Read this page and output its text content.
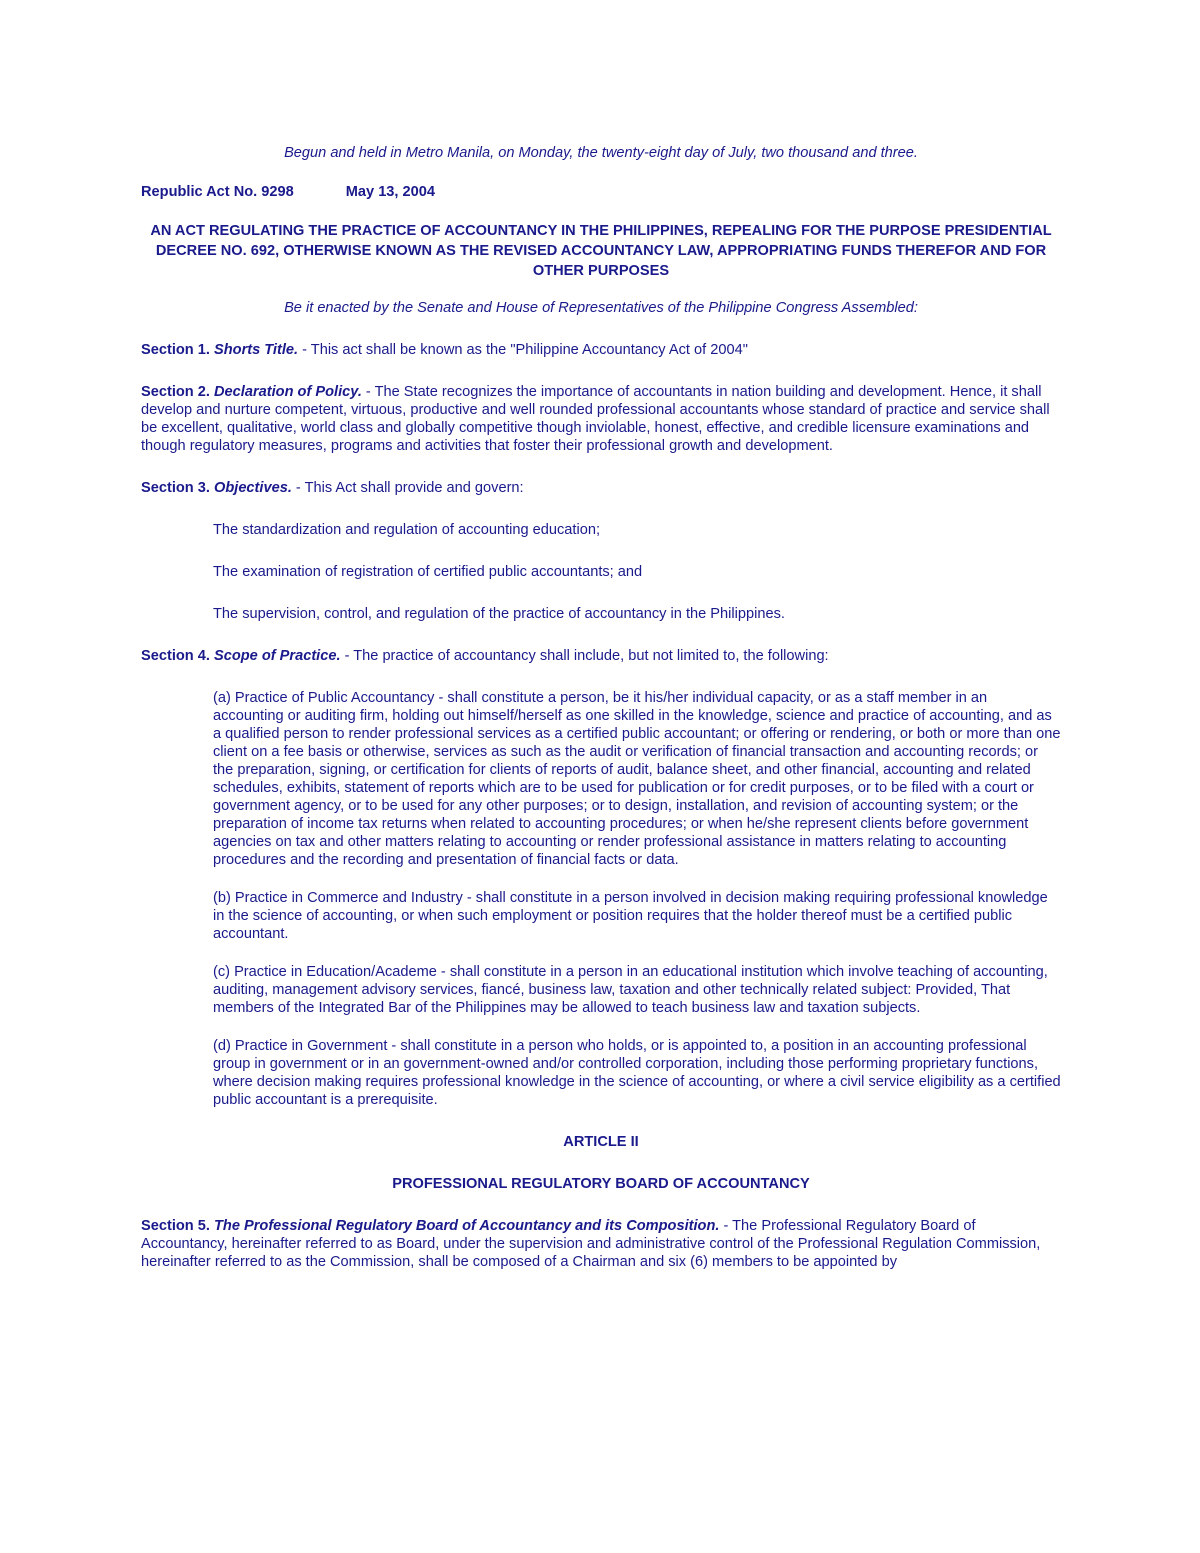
Begun and held in Metro Manila, on Monday, the twenty-eight day of July, two thousand and three.

Republic Act No. 9298	May 13, 2004

AN ACT REGULATING THE PRACTICE OF ACCOUNTANCY IN THE PHILIPPINES, REPEALING FOR THE PURPOSE PRESIDENTIAL DECREE NO. 692, OTHERWISE KNOWN AS THE REVISED ACCOUNTANCY LAW, APPROPRIATING FUNDS THEREFOR AND FOR OTHER PURPOSES

Be it enacted by the Senate and House of Representatives of the Philippine Congress Assembled:

Section 1. Shorts Title. - This act shall be known as the "Philippine Accountancy Act of 2004"

Section 2. Declaration of Policy. - The State recognizes the importance of accountants in nation building and development. Hence, it shall develop and nurture competent, virtuous, productive and well rounded professional accountants whose standard of practice and service shall be excellent, qualitative, world class and globally competitive though inviolable, honest, effective, and credible licensure examinations and though regulatory measures, programs and activities that foster their professional growth and development.

Section 3. Objectives. - This Act shall provide and govern:

The standardization and regulation of accounting education;
The examination of registration of certified public accountants; and
The supervision, control, and regulation of the practice of accountancy in the Philippines.

Section 4. Scope of Practice. - The practice of accountancy shall include, but not limited to, the following:

(a) Practice of Public Accountancy - shall constitute a person, be it his/her individual capacity, or as a staff member in an accounting or auditing firm, holding out himself/herself as one skilled in the knowledge, science and practice of accounting, and as a qualified person to render professional services as a certified public accountant; or offering or rendering, or both or more than one client on a fee basis or otherwise, services as such as the audit or verification of financial transaction and accounting records; or the preparation, signing, or certification for clients of reports of audit, balance sheet, and other financial, accounting and related schedules, exhibits, statement of reports which are to be used for publication or for credit purposes, or to be filed with a court or government agency, or to be used for any other purposes; or to design, installation, and revision of accounting system; or the preparation of income tax returns when related to accounting procedures; or when he/she represent clients before government agencies on tax and other matters relating to accounting or render professional assistance in matters relating to accounting procedures and the recording and presentation of financial facts or data.

(b) Practice in Commerce and Industry - shall constitute in a person involved in decision making requiring professional knowledge in the science of accounting, or when such employment or position requires that the holder thereof must be a certified public accountant.

(c) Practice in Education/Academe - shall constitute in a person in an educational institution which involve teaching of accounting, auditing, management advisory services, fiancé, business law, taxation and other technically related subject: Provided, That members of the Integrated Bar of the Philippines may be allowed to teach business law and taxation subjects.

(d) Practice in Government - shall constitute in a person who holds, or is appointed to, a position in an accounting professional group in government or in an government-owned and/or controlled corporation, including those performing proprietary functions, where decision making requires professional knowledge in the science of accounting, or where a civil service eligibility as a certified public accountant is a prerequisite.

ARTICLE II

PROFESSIONAL REGULATORY BOARD OF ACCOUNTANCY

Section 5. The Professional Regulatory Board of Accountancy and its Composition. - The Professional Regulatory Board of Accountancy, hereinafter referred to as Board, under the supervision and administrative control of the Professional Regulation Commission, hereinafter referred to as the Commission, shall be composed of a Chairman and six (6) members to be appointed by
